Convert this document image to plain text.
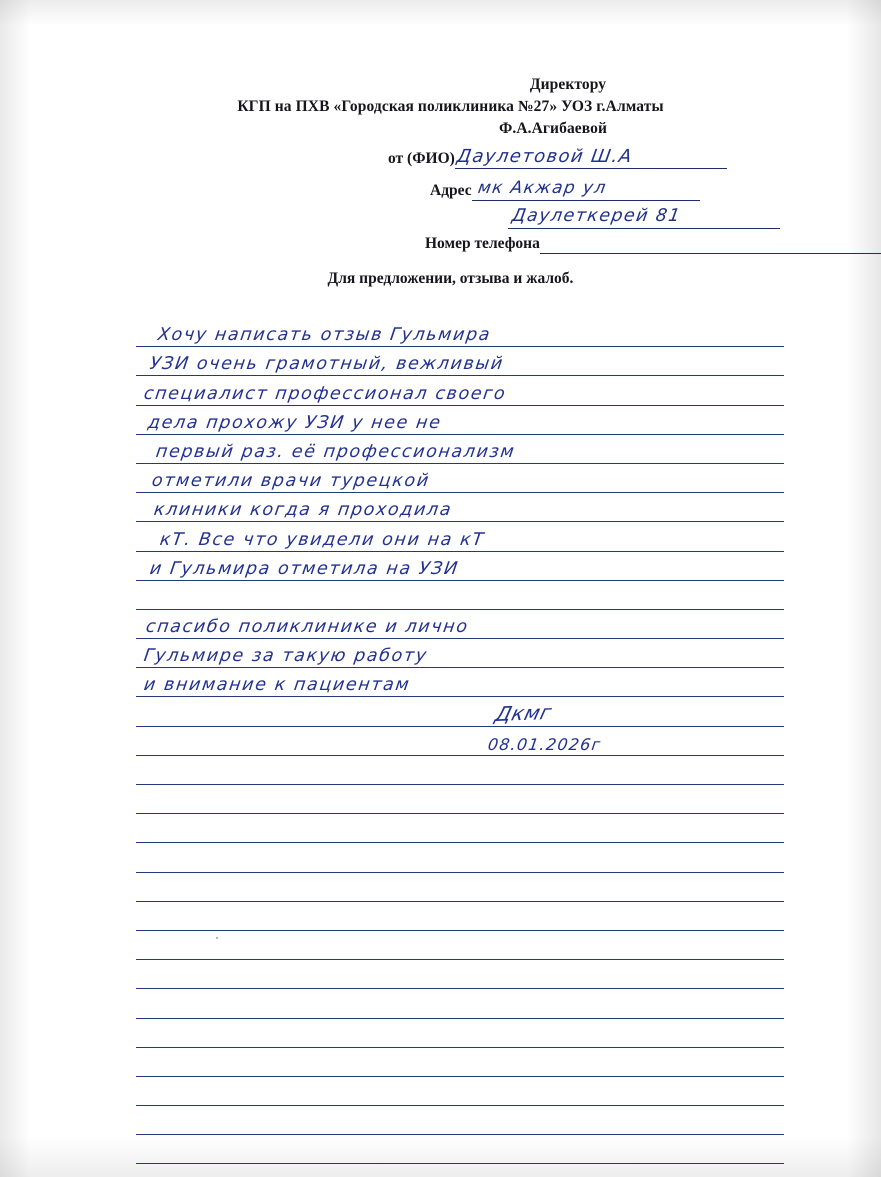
Директору
КГП на ПХВ «Городская поликлиника №27» УОЗ г.Алматы
Ф.А.Агибаевой
от (ФИО) Даулетовой Ш.А
Адрес мк Акжар ул
Даулеткерей 81
Номер телефона
Для предложении, отзыва и жалоб.
Хочу написать отзыв Гульмира
УЗИ очень грамотный, вежливый
специалист профессионал своего
дела прохожу УЗИ у нее не
первый раз. её профессионализм
отметили врачи турецкой
клиники когда я проходила
кТ. Все что увидели они на кТ
и Гульмира отметила на УЗИ
спасибо поликлинике и лично
Гульмире за такую работу
и внимание к пациентам
Дкмг
08.01.2026г
